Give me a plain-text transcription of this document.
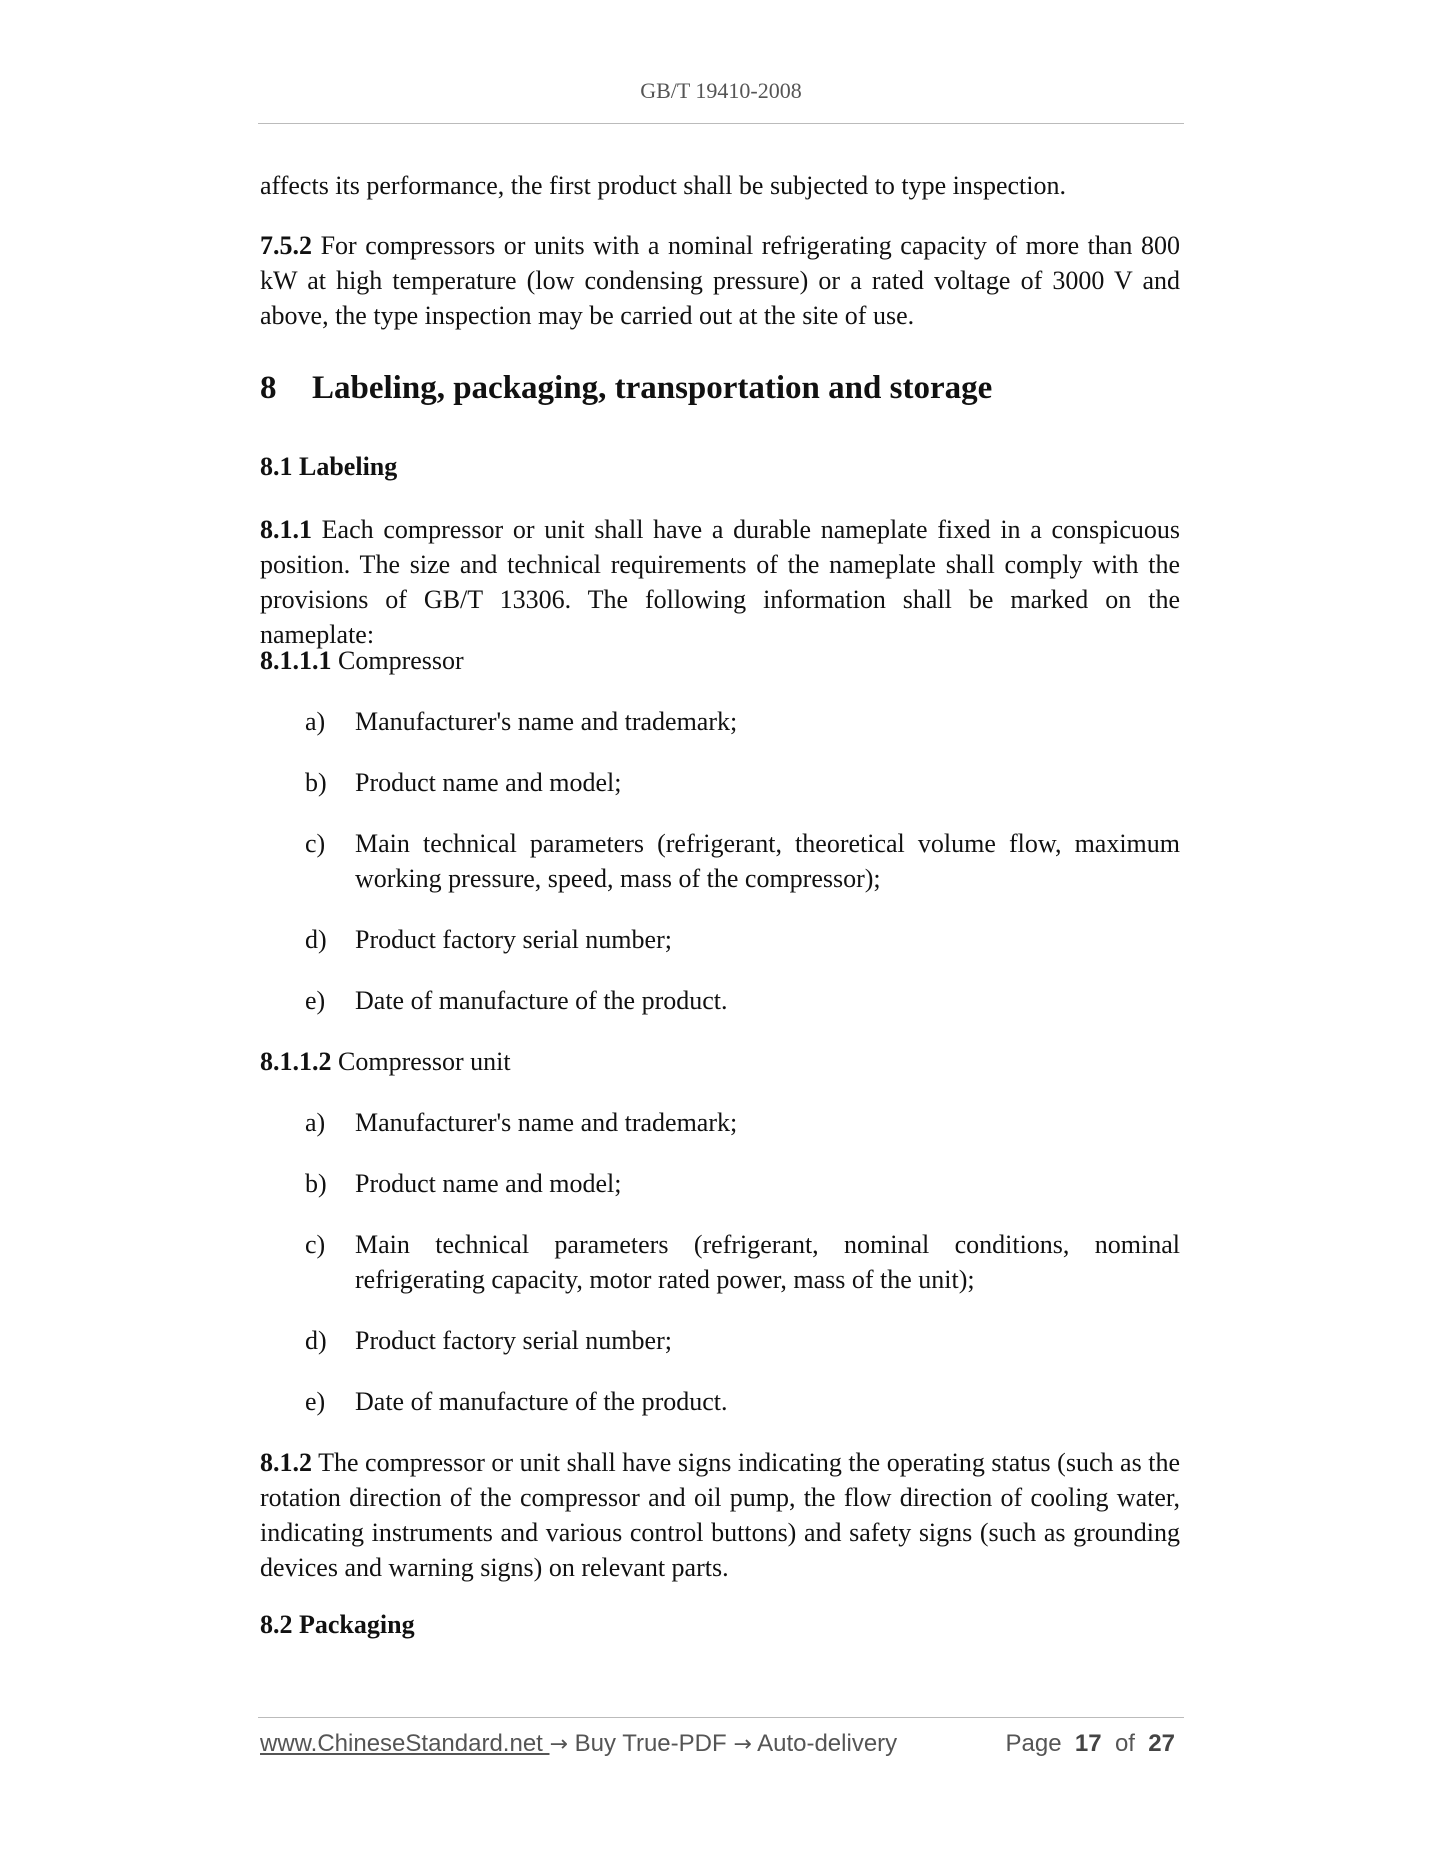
GB/T 19410-2008
affects its performance, the first product shall be subjected to type inspection.
7.5.2 For compressors or units with a nominal refrigerating capacity of more than 800 kW at high temperature (low condensing pressure) or a rated voltage of 3000 V and above, the type inspection may be carried out at the site of use.
8 Labeling, packaging, transportation and storage
8.1 Labeling
8.1.1 Each compressor or unit shall have a durable nameplate fixed in a conspicuous position. The size and technical requirements of the nameplate shall comply with the provisions of GB/T 13306. The following information shall be marked on the nameplate:
8.1.1.1 Compressor
a)	Manufacturer's name and trademark;
b)	Product name and model;
c)	Main technical parameters (refrigerant, theoretical volume flow, maximum working pressure, speed, mass of the compressor);
d)	Product factory serial number;
e)	Date of manufacture of the product.
8.1.1.2 Compressor unit
a)	Manufacturer's name and trademark;
b)	Product name and model;
c)	Main technical parameters (refrigerant, nominal conditions, nominal refrigerating capacity, motor rated power, mass of the unit);
d)	Product factory serial number;
e)	Date of manufacture of the product.
8.1.2 The compressor or unit shall have signs indicating the operating status (such as the rotation direction of the compressor and oil pump, the flow direction of cooling water, indicating instruments and various control buttons) and safety signs (such as grounding devices and warning signs) on relevant parts.
8.2 Packaging
www.ChineseStandard.net → Buy True-PDF → Auto-delivery	Page 17 of 27
